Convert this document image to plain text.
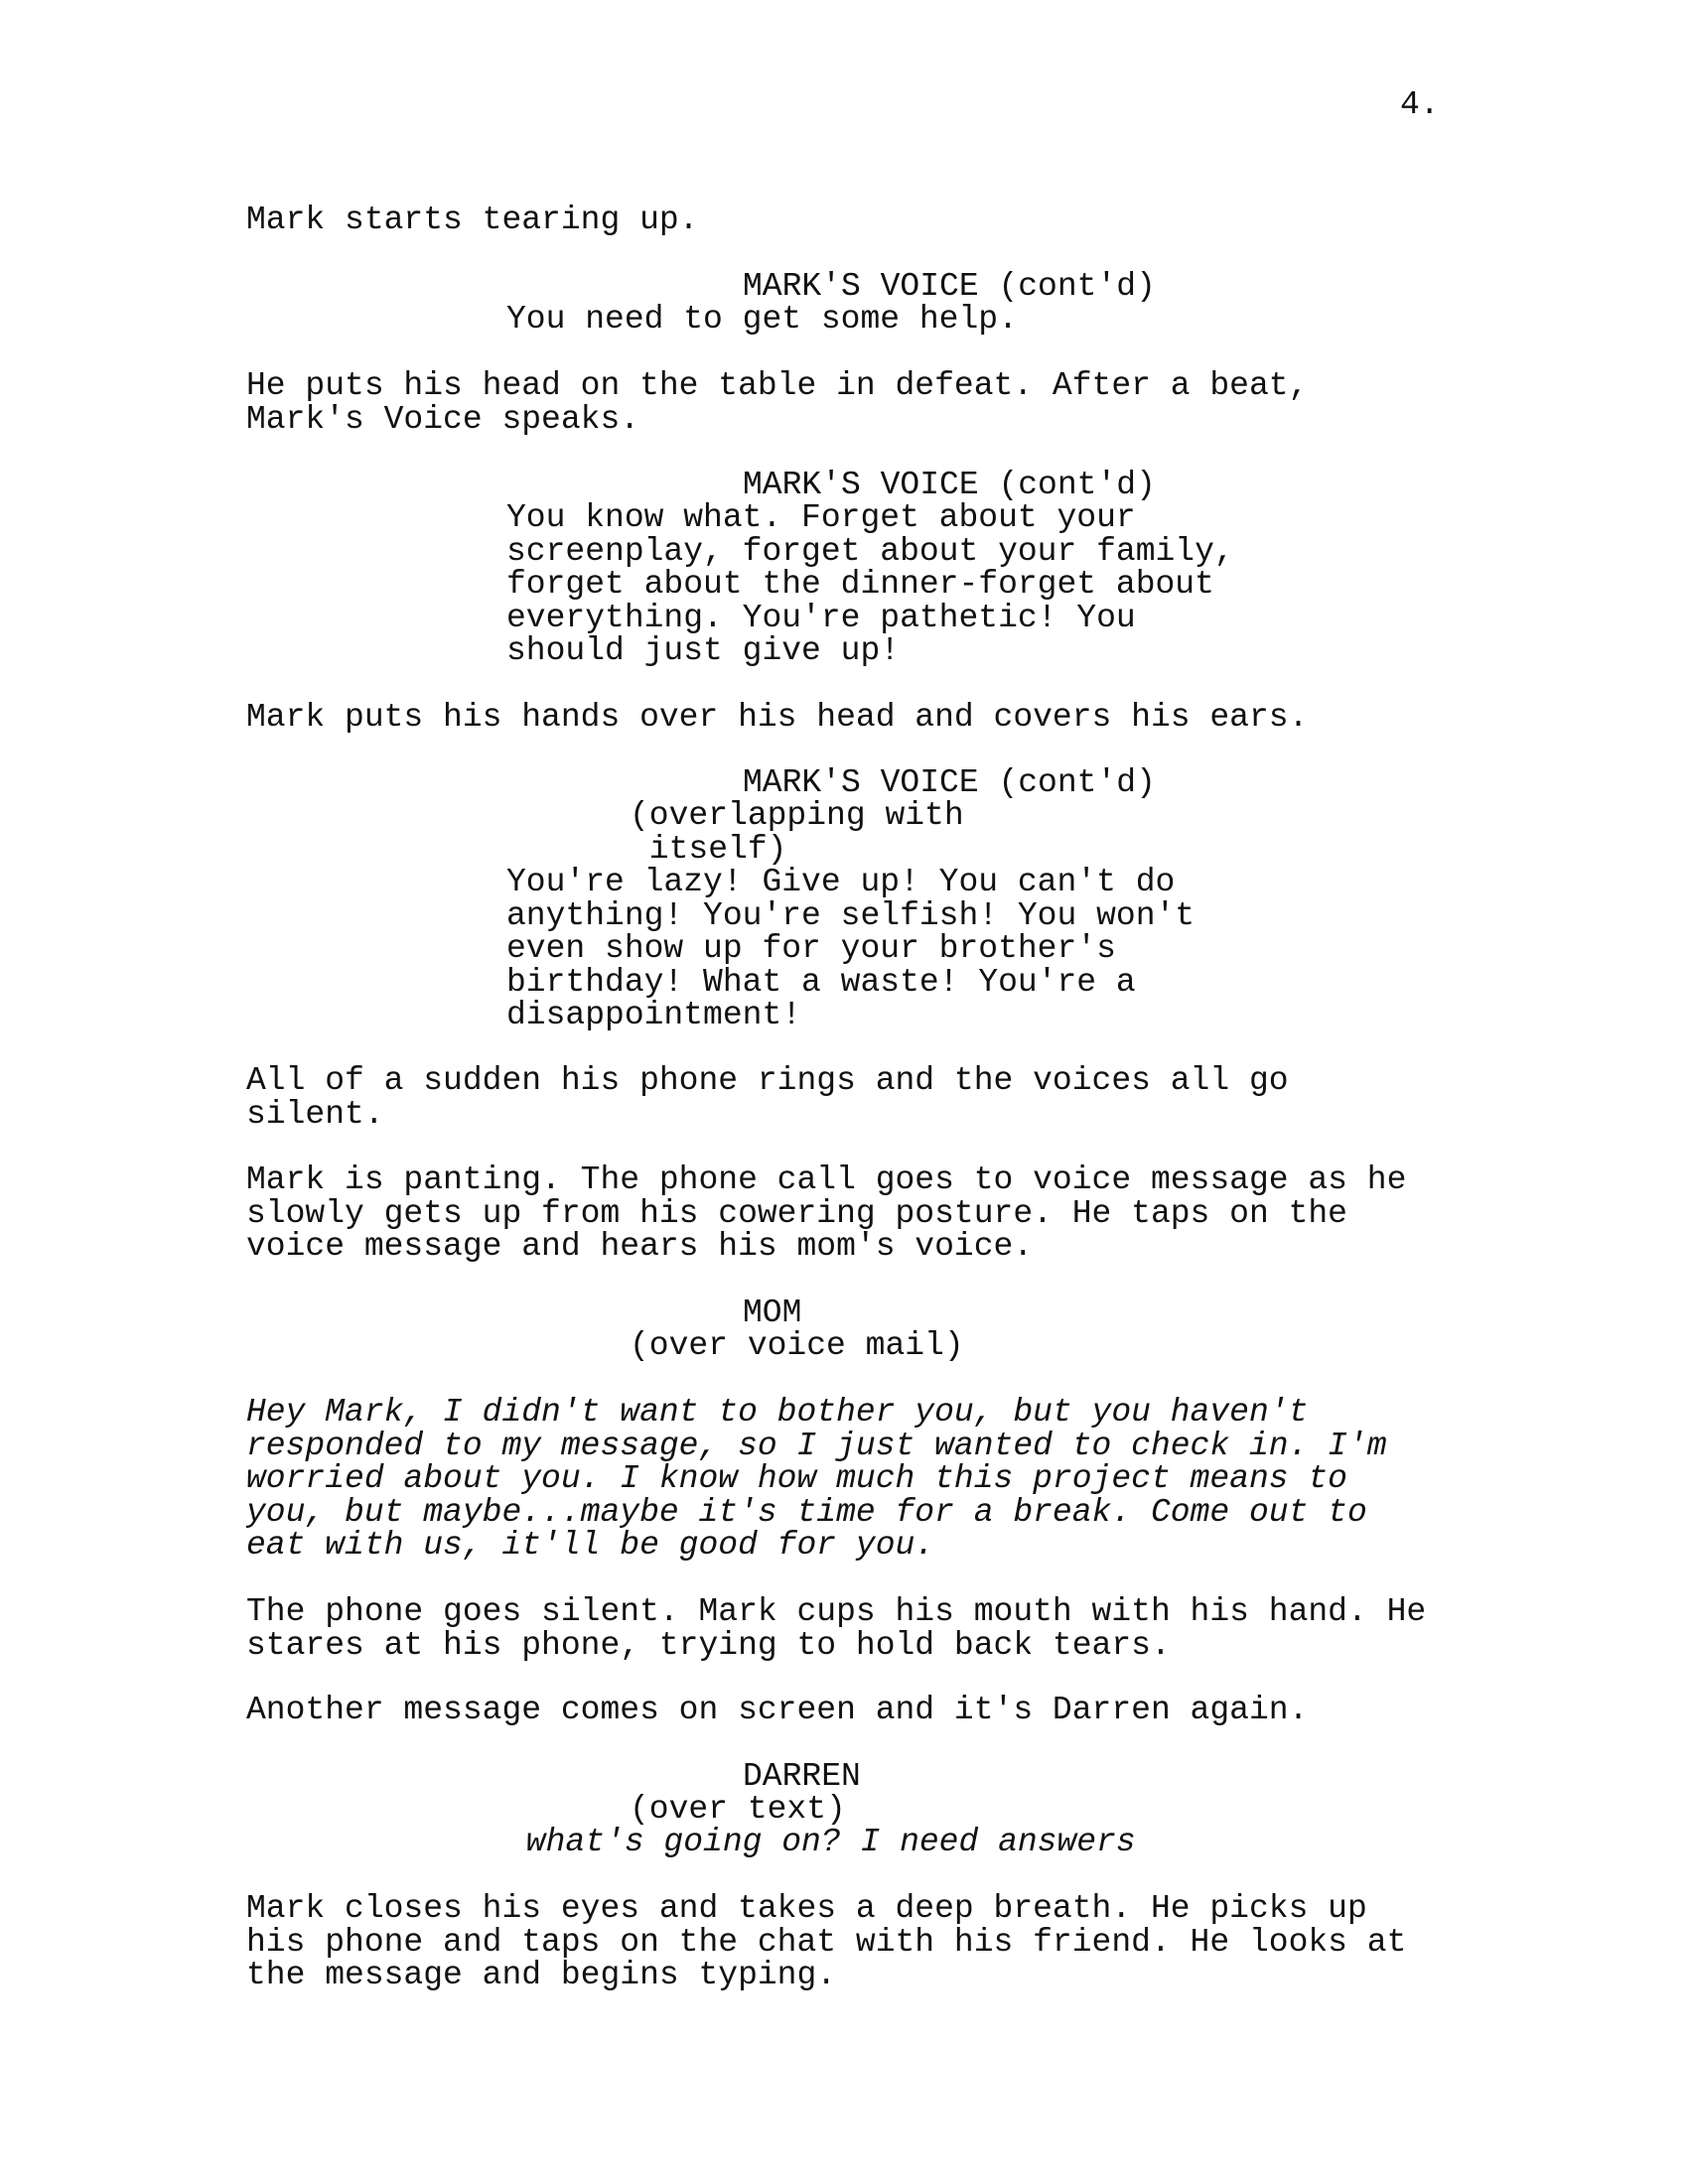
4.
Mark starts tearing up.
MARK'S VOICE (cont'd)
You need to get some help.
He puts his head on the table in defeat. After a beat,
Mark's Voice speaks.
MARK'S VOICE (cont'd)
You know what. Forget about your
screenplay, forget about your family,
forget about the dinner-forget about
everything. You're pathetic! You
should just give up!
Mark puts his hands over his head and covers his ears.
MARK'S VOICE (cont'd)
(overlapping with
itself)
You're lazy! Give up! You can't do
anything! You're selfish! You won't
even show up for your brother's
birthday! What a waste! You're a
disappointment!
All of a sudden his phone rings and the voices all go
silent.
Mark is panting. The phone call goes to voice message as he
slowly gets up from his cowering posture. He taps on the
voice message and hears his mom's voice.
MOM
(over voice mail)
Hey Mark, I didn't want to bother you, but you haven't
responded to my message, so I just wanted to check in. I'm
worried about you. I know how much this project means to
you, but maybe...maybe it's time for a break. Come out to
eat with us, it'll be good for you.
The phone goes silent. Mark cups his mouth with his hand. He
stares at his phone, trying to hold back tears.
Another message comes on screen and it's Darren again.
DARREN
(over text)
what's going on? I need answers
Mark closes his eyes and takes a deep breath. He picks up
his phone and taps on the chat with his friend. He looks at
the message and begins typing.
